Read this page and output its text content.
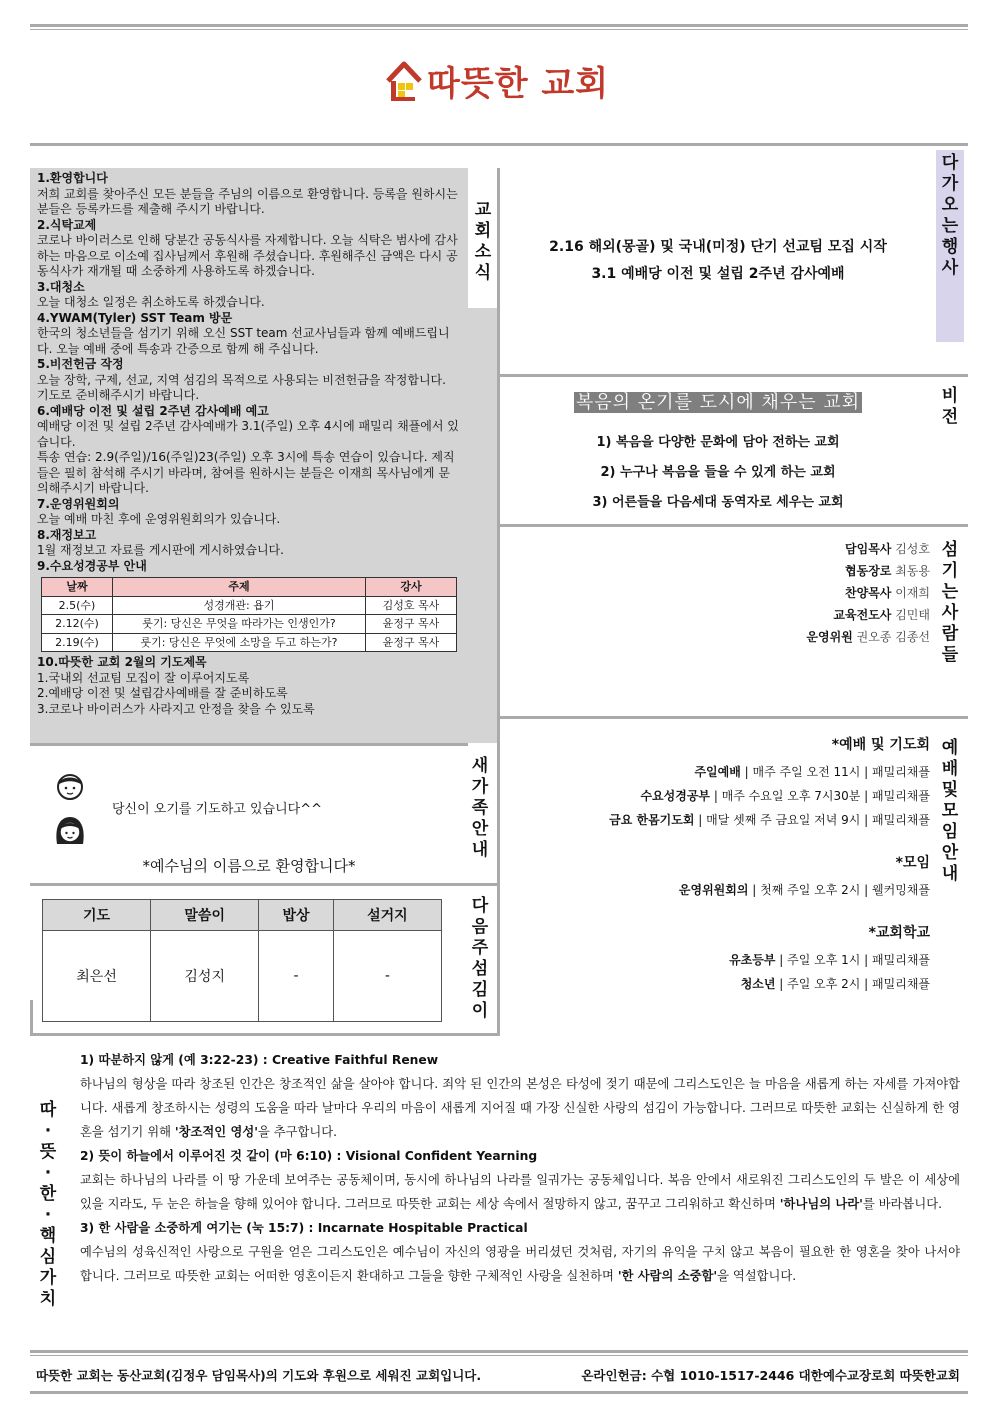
따뜻한 교회
1.환영합니다
저희 교회를 찾아주신 모든 분들을 주님의 이름으로 환영합니다. 등록을 원하시는 분들은 등록카드를 제출해 주시기 바랍니다.
2.식탁교제
코로나 바이러스로 인해 당분간 공동식사를 자제합니다. 오늘 식탁은 범사에 감사하는 마음으로 이소예 집사님께서 후원해 주셨습니다. 후원해주신 금액은 다시 공동식사가 재개될 때 소중하게 사용하도록 하겠습니다.
3.대청소
오늘 대청소 일정은 취소하도록 하겠습니다.
4.YWAM(Tyler) SST Team 방문
한국의 청소년들을 섬기기 위해 오신 SST team 선교사님들과 함께 예배드립니다. 오늘 예배 중에 특송과 간증으로 함께 해 주십니다.
5.비전헌금 작정
오늘 장학, 구제, 선교, 지역 섬김의 목적으로 사용되는 비전헌금을 작정합니다. 기도로 준비해주시기 바랍니다.
6.예배당 이전 및 설립 2주년 감사예배 예고
예배당 이전 및 설립 2주년 감사예배가 3.1(주일) 오후 4시에 패밀리 채플에서 있습니다.
특송 연습: 2.9(주일)/16(주일)23(주일) 오후 3시에 특송 연습이 있습니다. 제직들은 필히 참석해 주시기 바라며, 참여를 원하시는 분들은 이재희 목사님에게 문의해주시기 바랍니다.
7.운영위원회의
오늘 예배 마친 후에 운영위원회의가 있습니다.
8.재정보고
1월 재정보고 자료를 게시판에 게시하였습니다.
9.수요성경공부 안내
날짜	주제	강사
2.5(수)	성경개관: 욥기	김성호 목사
2.12(수)	룻기: 당신은 무엇을 따라가는 인생인가?	윤정구 목사
2.19(수)	룻기: 당신은 무엇에 소망을 두고 하는가?	윤정구 목사
10.따뜻한 교회 2월의 기도제목
1.국내외 선교팀 모집이 잘 이루어지도록
2.예배당 이전 및 설립감사예배를 잘 준비하도록
3.코로나 바이러스가 사라지고 안정을 찾을 수 있도록
교
회
소
식
2.16 해외(몽골) 및 국내(미정) 단기 선교팀 모집 시작
3.1 예배당 이전 및 설립 2주년 감사예배
다
가
오
는
행
사
복음의 온기를 도시에 채우는 교회
1) 복음을 다양한 문화에 담아 전하는 교회
2) 누구나 복음을 들을 수 있게 하는 교회
3) 어른들을 다음세대 동역자로 세우는 교회
비
전
담임목사 김성호
협동장로 최동용
찬양목사 이재희
교육전도사 김민태
운영위원 권오종 김종선
섬
기
는
사
람
들
*예배 및 기도회
주일예배 | 매주 주일 오전 11시 | 패밀리채플
수요성경공부 | 매주 수요일 오후 7시30분 | 패밀리채플
금요 한몸기도회 | 매달 셋째 주 금요일 저녁 9시 | 패밀리채플
*모임
운영위원회의 | 첫째 주일 오후 2시 | 웰커밍채플
*교회학교
유초등부 | 주일 오후 1시 | 패밀리채플
청소년 | 주일 오후 2시 | 패밀리채플
예
배
및
모
임
안
내
당신이 오기를 기도하고 있습니다^^
*예수님의 이름으로 환영합니다*
새
가
족
안
내
기도	말씀이	밥상	설거지
최은선	김성지	-	-
다
음
주
섬
김
이
따
·
뜻
·
한
·
핵
심
가
치

1) 따분하지 않게 (예 3:22-23) : Creative Faithful Renew

하나님의 형상을 따라 창조된 인간은 창조적인 삶을 살아야 합니다. 죄악 된 인간의 본성은 타성에 젖기 때문에 그리스도인은 늘 마음을 새롭게 하는 자세를 가져야합니다. 새롭게 창조하시는 성령의 도움을 따라 날마다 우리의 마음이 새롭게 지어질 때 가장 신실한 사랑의 섬김이 가능합니다. 그러므로 따뜻한 교회는 신실하게 한 영혼을 섬기기 위해 '창조적인 영성'을 추구합니다.

2) 뜻이 하늘에서 이루어진 것 같이 (마 6:10) : Visional Confident Yearning

교회는 하나님의 나라를 이 땅 가운데 보여주는 공동체이며, 동시에 하나님의 나라를 일궈가는 공동체입니다. 복음 안에서 새로워진 그리스도인의 두 발은 이 세상에 있을 지라도, 두 눈은 하늘을 향해 있어야 합니다. 그러므로 따뜻한 교회는 세상 속에서 절망하지 않고, 꿈꾸고 그리워하고 확신하며 '하나님의 나라'를 바라봅니다.

3) 한 사람을 소중하게 여기는 (눅 15:7) : Incarnate Hospitable Practical

예수님의 성육신적인 사랑으로 구원을 얻은 그리스도인은 예수님이 자신의 영광을 버리셨던 것처럼, 자기의 유익을 구치 않고 복음이 필요한 한 영혼을 찾아 나서야 합니다. 그러므로 따뜻한 교회는 어떠한 영혼이든지 환대하고 그들을 향한 구체적인 사랑을 실천하며 '한 사람의 소중함'을 역설합니다.

따뜻한 교회는 동산교회(김정우 담임목사)의 기도와 후원으로 세워진 교회입니다.	온라인헌금: 수협 1010-1517-2446 대한예수교장로회 따뜻한교회
